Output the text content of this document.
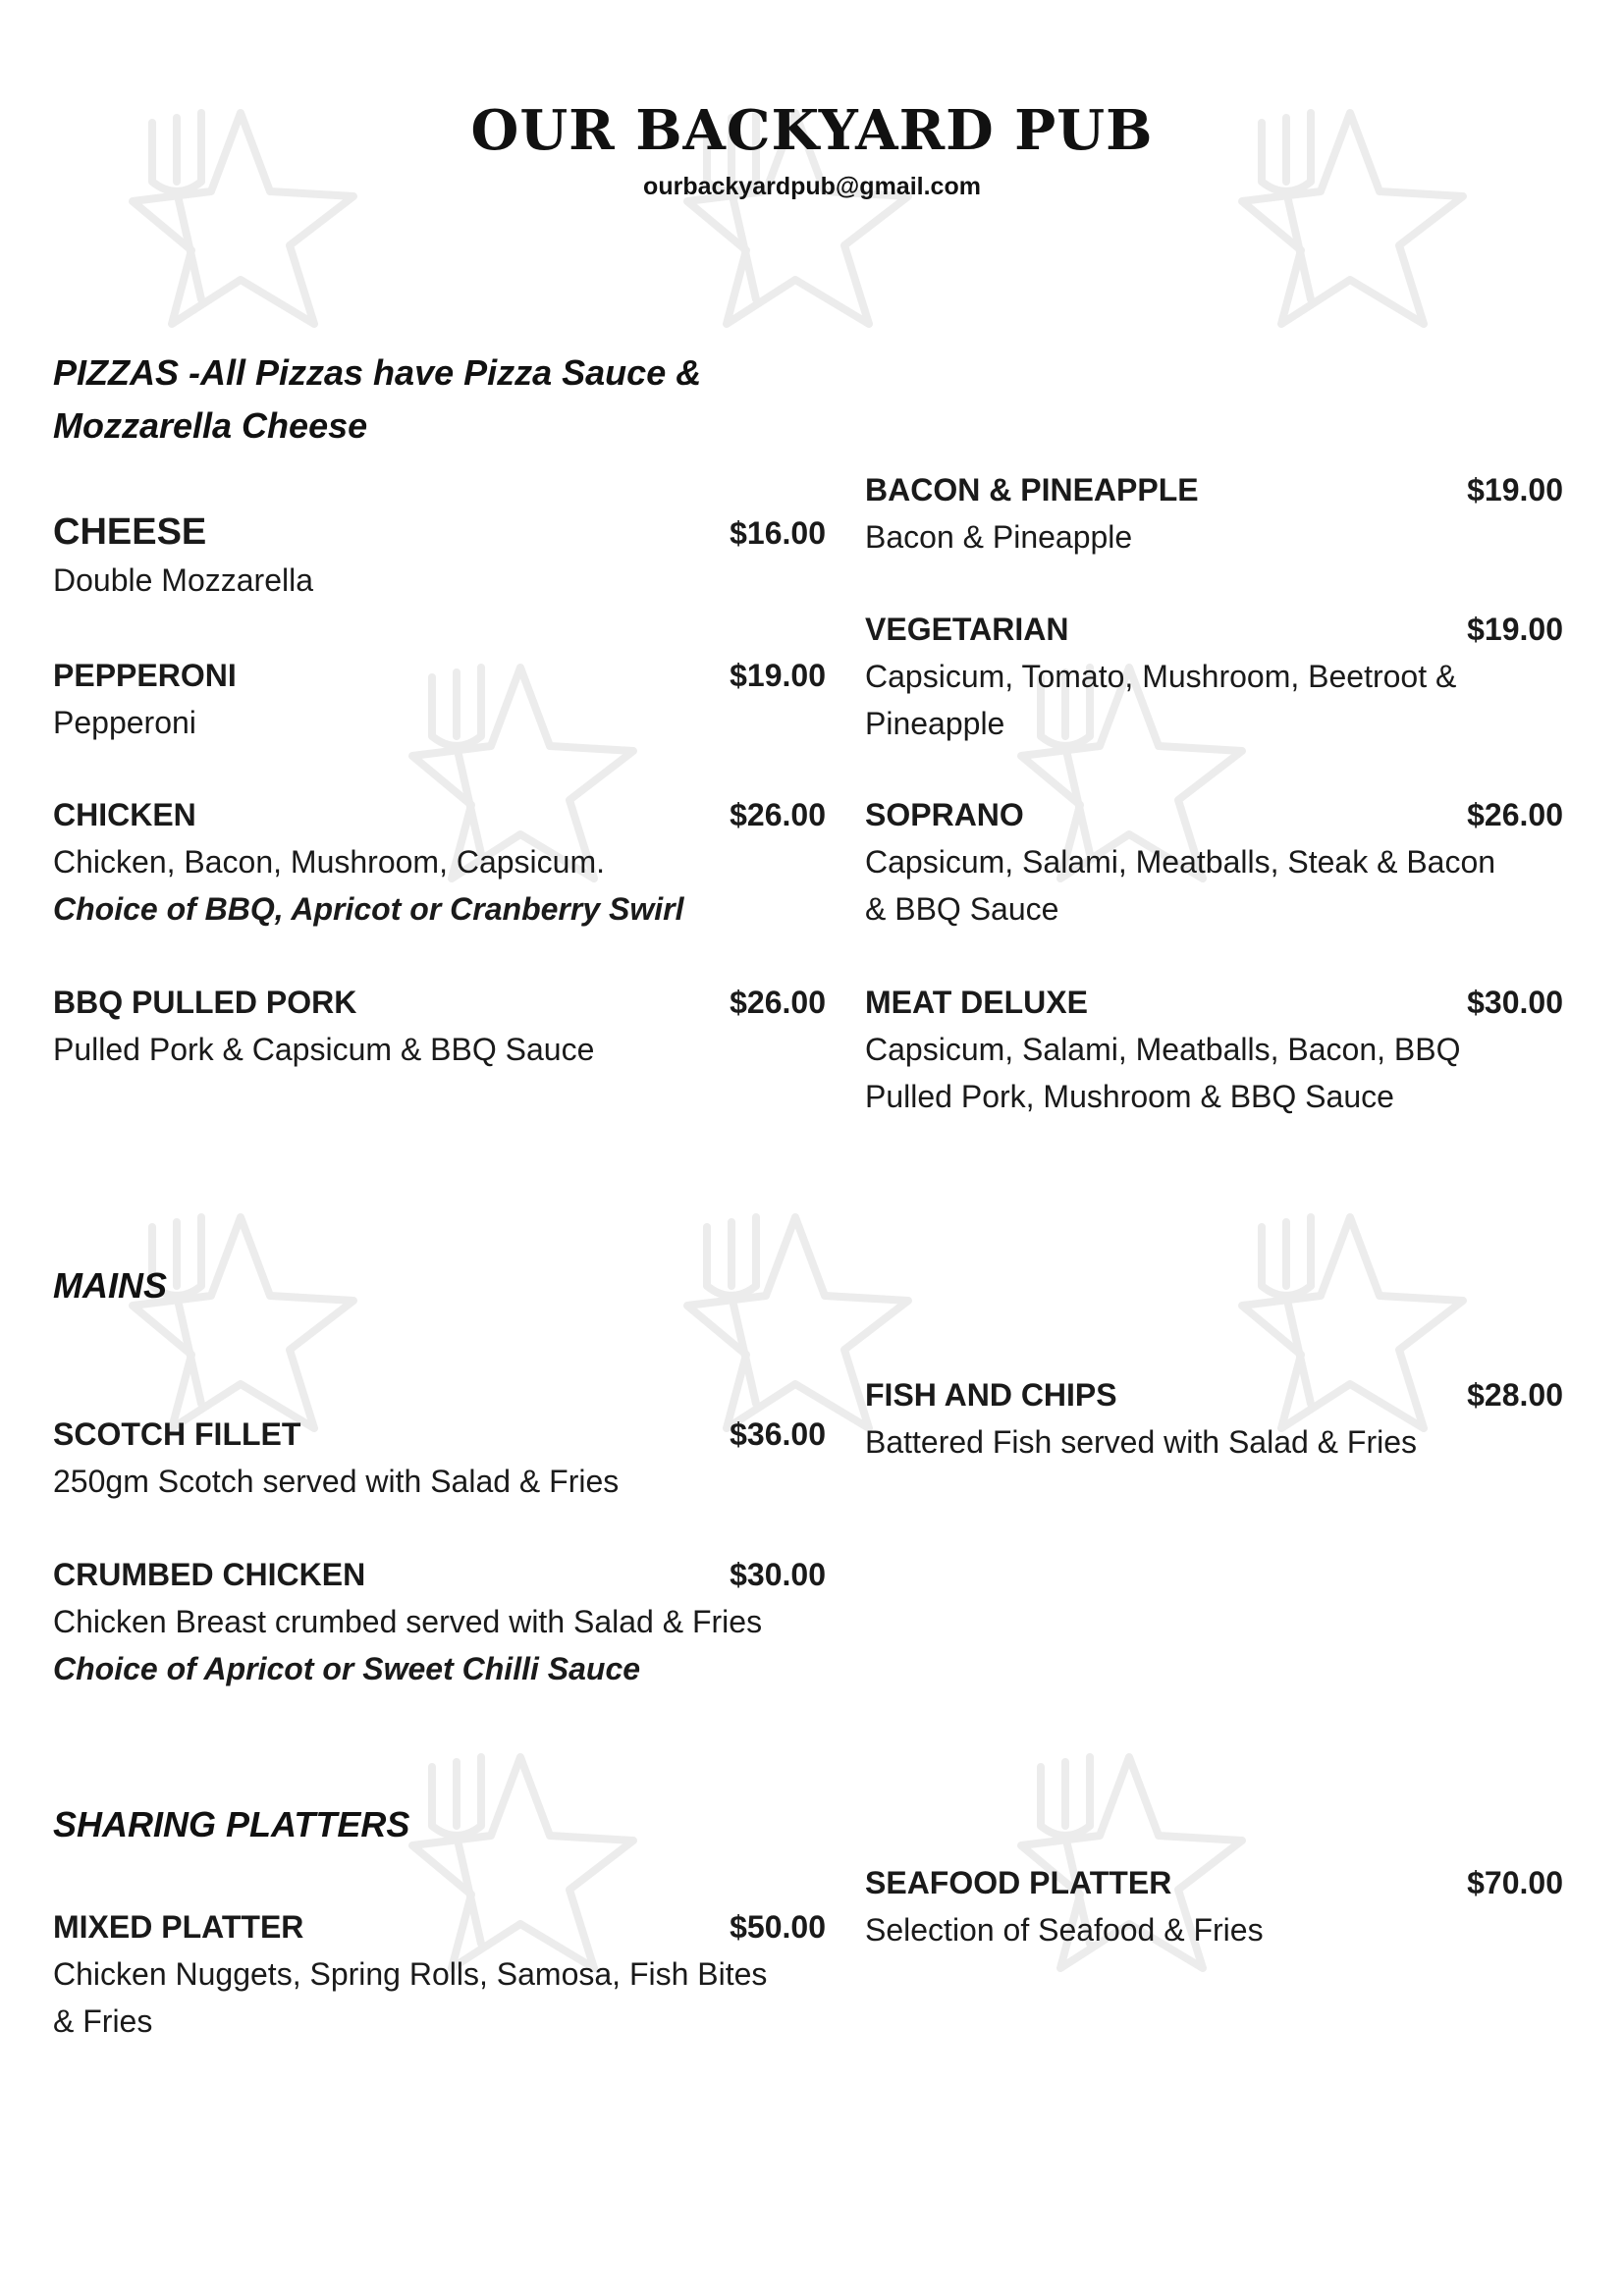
OUR BACKYARD PUB
ourbackyardpub@gmail.com
PIZZAS -All Pizzas have Pizza Sauce &
Mozzarella Cheese
CHEESE	$16.00
Double Mozzarella
PEPPERONI	$19.00
Pepperoni
CHICKEN	$26.00
Chicken, Bacon, Mushroom, Capsicum.
Choice of BBQ, Apricot or Cranberry Swirl
BBQ PULLED PORK	$26.00
Pulled Pork & Capsicum & BBQ Sauce
BACON & PINEAPPLE	$19.00
Bacon & Pineapple
VEGETARIAN	$19.00
Capsicum, Tomato, Mushroom, Beetroot &
Pineapple
SOPRANO	$26.00
Capsicum, Salami, Meatballs, Steak & Bacon
& BBQ Sauce
MEAT DELUXE	$30.00
Capsicum, Salami, Meatballs, Bacon, BBQ
Pulled Pork, Mushroom & BBQ Sauce
MAINS
SCOTCH FILLET	$36.00
250gm Scotch served with Salad & Fries
CRUMBED CHICKEN	$30.00
Chicken Breast crumbed served with Salad & Fries
Choice of Apricot or Sweet Chilli Sauce
FISH AND CHIPS	$28.00
Battered Fish served with Salad & Fries
SHARING PLATTERS
MIXED PLATTER	$50.00
Chicken Nuggets, Spring Rolls, Samosa, Fish Bites
& Fries
SEAFOOD PLATTER	$70.00
Selection of Seafood & Fries
